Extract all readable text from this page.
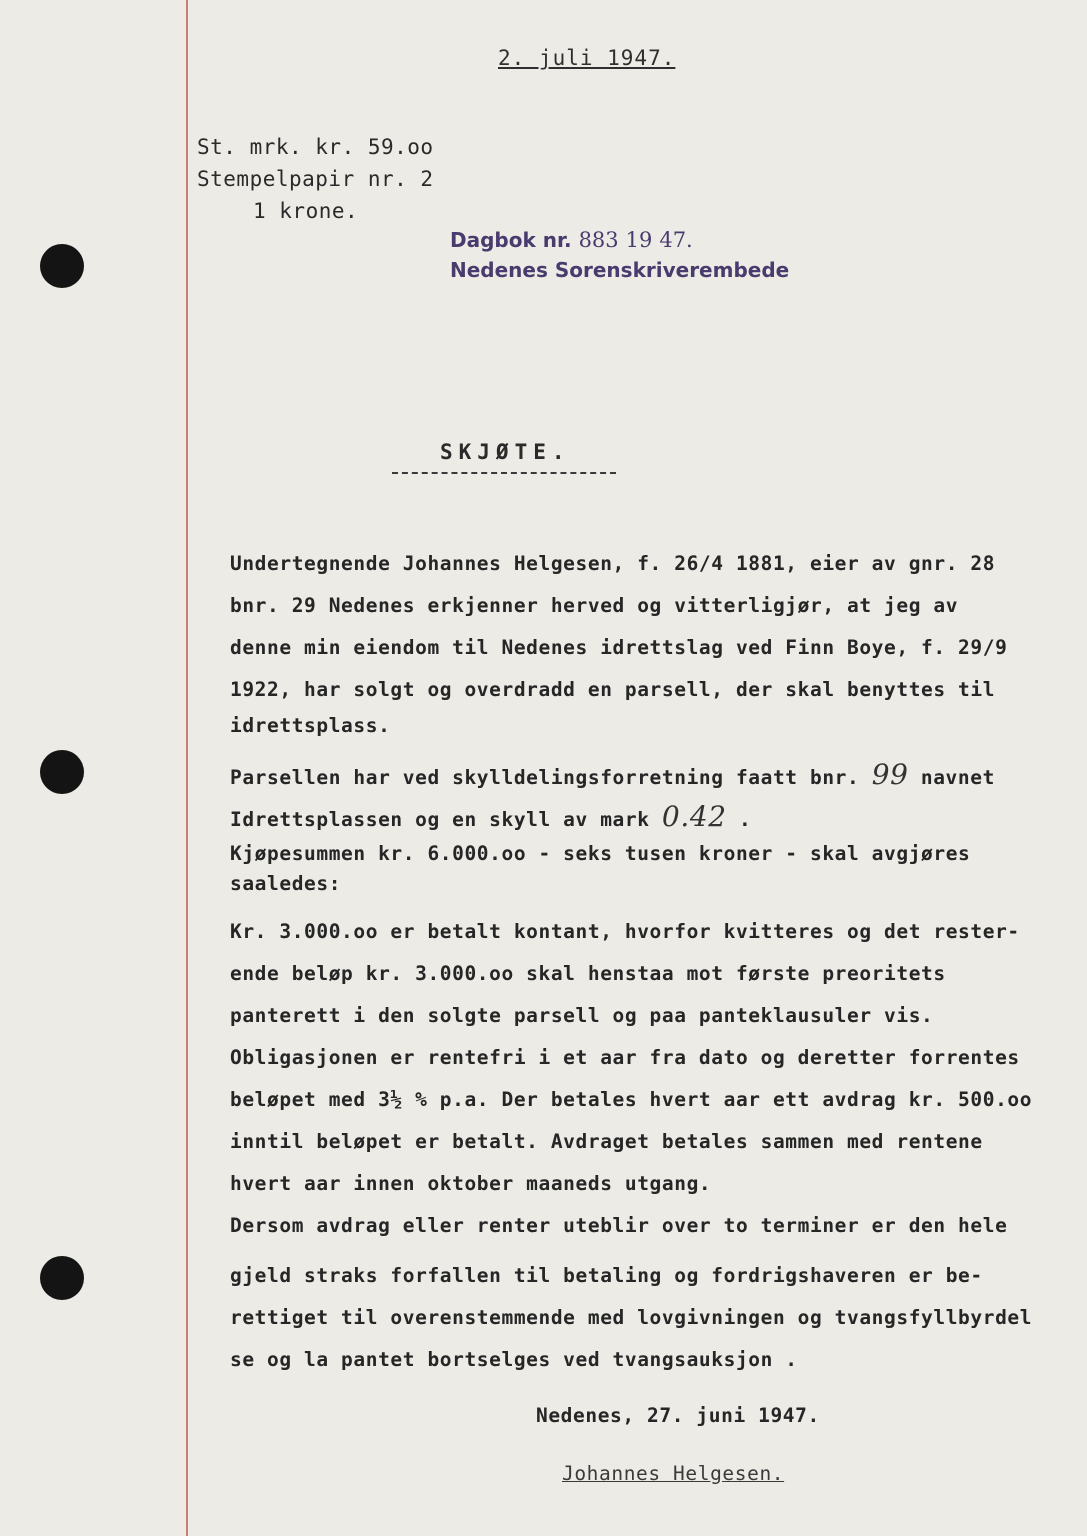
2. juli 1947.
St. mrk. kr. 59.oo
Stempelpapir nr. 2
1 krone.
Dagbok nr. 883 19 47.
Nedenes Sorenskriverembede
SKJØTE.
Undertegnende Johannes Helgesen, f. 26/4 1881, eier av gnr. 28
bnr. 29 Nedenes erkjenner herved og vitterligjør, at jeg av
denne min eiendom til Nedenes idrettslag ved Finn Boye, f. 29/9
1922, har solgt og overdradd en parsell, der skal benyttes til
idrettsplass.
Parsellen har ved skylldelingsforretning faatt bnr. 99 navnet
Idrettsplassen og en skyll av mark 0.42 .
Kjøpesummen kr. 6.000.oo - seks tusen kroner - skal avgjøres
saaledes:
Kr. 3.000.oo er betalt kontant, hvorfor kvitteres og det rester-
ende beløp kr. 3.000.oo skal henstaa mot første preoritets
panterett i den solgte parsell og paa panteklausuler vis.
Obligasjonen er rentefri i et aar fra dato og deretter forrentes
beløpet med 3½ % p.a. Der betales hvert aar ett avdrag kr. 500.oo
inntil beløpet er betalt. Avdraget betales sammen med rentene
hvert aar innen oktober maaneds utgang.
Dersom avdrag eller renter uteblir over to terminer er den hele
gjeld straks forfallen til betaling og fordrigshaveren er be-
rettiget til overenstemmende med lovgivningen og tvangsfyllbyrdel
se og la pantet bortselges ved tvangsauksjon .
Nedenes, 27. juni 1947.
Johannes Helgesen.
